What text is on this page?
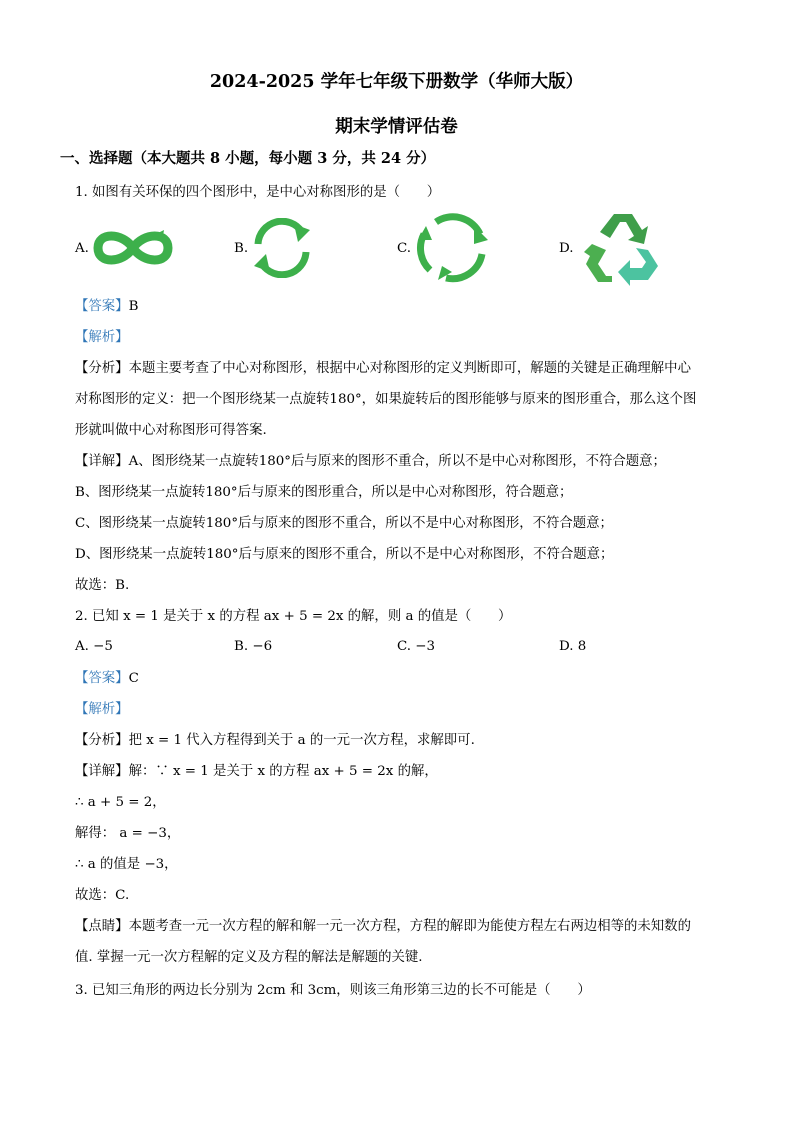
2024-2025 学年七年级下册数学（华师大版）
期末学情评估卷
一、选择题（本大题共 8 小题，每小题 3 分，共 24 分）
1. 如图有关环保的四个图形中，是中心对称图形的是（　　）
A.	B.	C.	D.
【答案】B
【解析】
【分析】本题主要考查了中心对称图形，根据中心对称图形的定义判断即可，解题的关键是正确理解中心
对称图形的定义：把一个图形绕某一点旋转180°，如果旋转后的图形能够与原来的图形重合，那么这个图
形就叫做中心对称图形可得答案.
【详解】A、图形绕某一点旋转180°后与原来的图形不重合，所以不是中心对称图形，不符合题意；
B、图形绕某一点旋转180°后与原来的图形重合，所以是中心对称图形，符合题意；
C、图形绕某一点旋转180°后与原来的图形不重合，所以不是中心对称图形，不符合题意；
D、图形绕某一点旋转180°后与原来的图形不重合，所以不是中心对称图形，不符合题意；
故选：B.
2. 已知 x = 1 是关于 x 的方程 ax + 5 = 2x 的解，则 a 的值是（　　）
A. −5	B. −6	C. −3	D. 8
【答案】C
【解析】
【分析】把 x = 1 代入方程得到关于 a 的一元一次方程，求解即可.
【详解】解：∵ x = 1 是关于 x 的方程 ax + 5 = 2x 的解，
∴ a + 5 = 2，
解得： a = −3，
∴ a 的值是 −3，
故选：C.
【点睛】本题考查一元一次方程的解和解一元一次方程，方程的解即为能使方程左右两边相等的未知数的
值. 掌握一元一次方程解的定义及方程的解法是解题的关键.
3. 已知三角形的两边长分别为 2cm 和 3cm，则该三角形第三边的长不可能是（　　）
